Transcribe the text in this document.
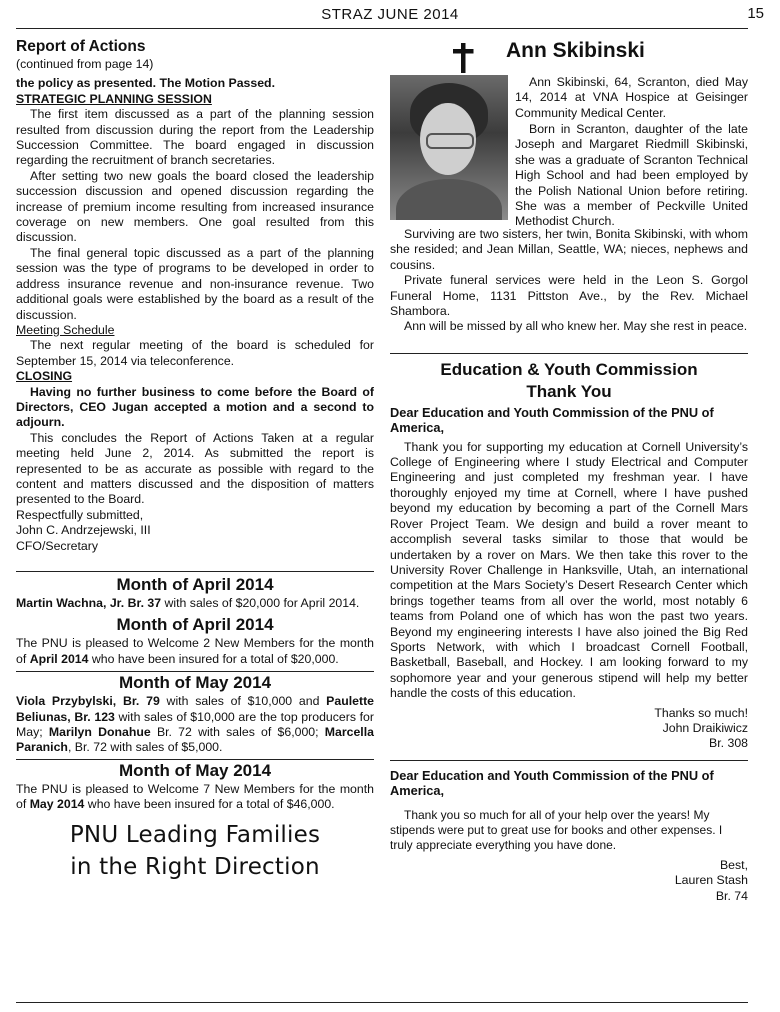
STRAZ JUNE 2014	15
Report of Actions

(continued from page 14)

the policy as presented. The Motion Passed.

STRATEGIC PLANNING SESSION

The first item discussed as a part of the planning session resulted from discussion during the report from the Leadership Succession Committee. The board engaged in discussion regarding the recruitment of branch secretaries.

After setting two new goals the board closed the leadership succession discussion and opened discussion regarding the increase of premium income resulting from increased insurance coverage on new members. One goal resulted from this discussion.

The final general topic discussed as a part of the planning session was the type of programs to be developed in order to address insurance revenue and non-insurance revenue. Two additional goals were established by the board as a result of the discussion.

Meeting Schedule

The next regular meeting of the board is scheduled for September 15, 2014 via teleconference.

CLOSING

Having no further business to come before the Board of Directors, CEO Jugan accepted a motion and a second to adjourn.

This concludes the Report of Actions Taken at a regular meeting held June 2, 2014. As submitted the report is represented to be as accurate as possible with regard to the content and matters discussed and the disposition of matters presented to the Board.

Respectfully submitted,

John C. Andrzejewski, III

CFO/Secretary

Month of April 2014

Martin Wachna, Jr. Br. 37 with sales of $20,000 for April 2014.

Month of April 2014

The PNU is pleased to Welcome 2 New Members for the month of April 2014 who have been insured for a total of $20,000.

Month of May 2014

Viola Przybylski, Br. 79 with sales of $10,000 and Paulette Beliunas, Br. 123 with sales of $10,000 are the top producers for May; Marilyn Donahue Br. 72 with sales of $6,000; Marcella Paranich, Br. 72 with sales of $5,000.

Month of May 2014

The PNU is pleased to Welcome 7 New Members for the month of May 2014 who have been insured for a total of $46,000.

PNU Leading Families
in the Right Direction
Ann Skibinski

Ann Skibinski, 64, Scranton, died May 14, 2014 at VNA Hospice at Geisinger Community Medical Center.

Born in Scranton, daughter of the late Joseph and Margaret Riedmill Skibinski, she was a graduate of Scranton Technical High School and had been employed by the Polish National Union before retiring. She was a member of Peckville United Methodist Church.

Surviving are two sisters, her twin, Bonita Skibinski, with whom she resided; and Jean Millan, Seattle, WA; nieces, nephews and cousins.

Private funeral services were held in the Leon S. Gorgol Funeral Home, 1131 Pittston Ave., by the Rev. Michael Shambora.

Ann will be missed by all who knew her. May she rest in peace.

Education & Youth Commission
Thank You

Dear Education and Youth Commission of the PNU of America,

Thank you for supporting my education at Cornell University’s College of Engineering where I study Electrical and Computer Engineering and just completed my freshman year. I have thoroughly enjoyed my time at Cornell, where I have pushed beyond my education by becoming a part of the Cornell Mars Rover Project Team. We design and build a rover meant to accomplish several tasks similar to those that would be undertaken by a rover on Mars. We then take this rover to the University Rover Challenge in Hanksville, Utah, an international competition at the Mars Society’s Desert Research Center which brings together teams from all over the world, most notably 6 teams from Poland one of which has won the past two years. Beyond my engineering interests I have also joined the Big Red Sports Network, with which I broadcast Cornell Football, Basketball, Baseball, and Hockey. I am looking forward to my sophomore year and your generous stipend will help my better handle the costs of this education.

Thanks so much!

John Draikiwicz

Br. 308

Dear Education and Youth Commission of the PNU of America,

Thank you so much for all of your help over the years! My stipends were put to great use for books and other expenses. I truly appreciate everything you have done.

Best,

Lauren Stash

Br. 74
